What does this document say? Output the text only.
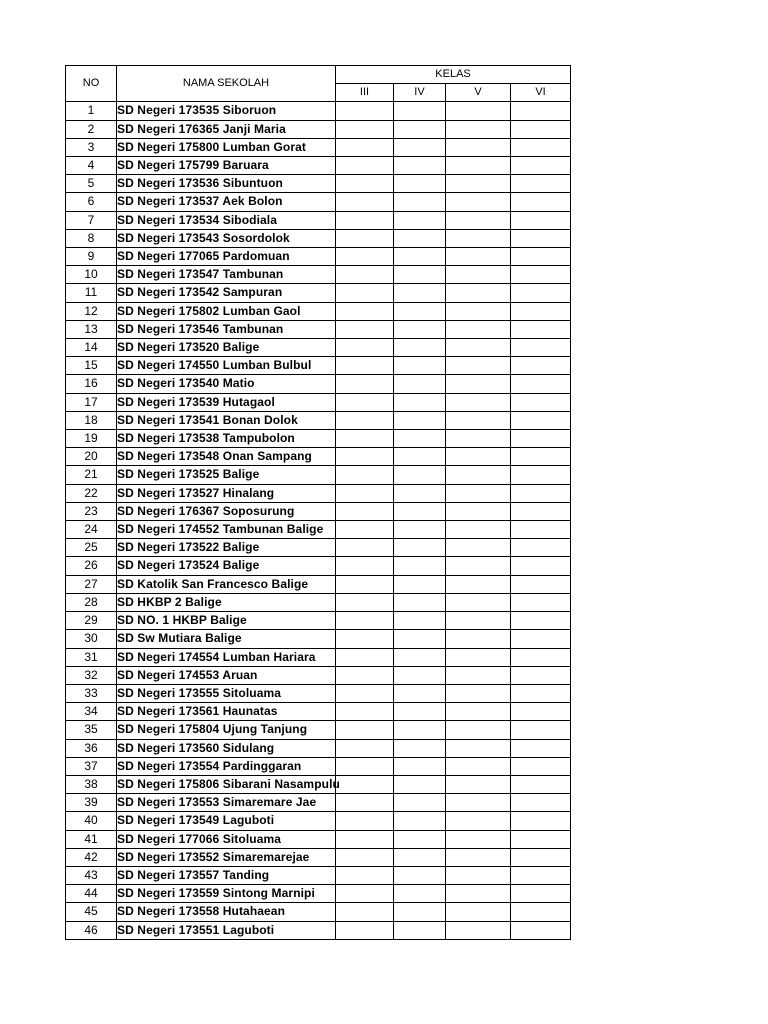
NO	NAMA SEKOLAH	KELAS			
		III	IV	V	VI
1	SD Negeri 173535 Siboruon				
2	SD Negeri 176365 Janji Maria				
3	SD Negeri 175800 Lumban Gorat				
4	SD Negeri 175799 Baruara				
5	SD Negeri 173536 Sibuntuon				
6	SD Negeri 173537 Aek Bolon				
7	SD Negeri 173534 Sibodiala				
8	SD Negeri 173543 Sosordolok				
9	SD Negeri 177065 Pardomuan				
10	SD Negeri 173547 Tambunan				
11	SD Negeri 173542 Sampuran				
12	SD Negeri 175802 Lumban Gaol				
13	SD Negeri 173546 Tambunan				
14	SD Negeri 173520 Balige				
15	SD Negeri 174550 Lumban Bulbul				
16	SD Negeri 173540 Matio				
17	SD Negeri 173539 Hutagaol				
18	SD Negeri 173541 Bonan Dolok				
19	SD Negeri 173538 Tampubolon				
20	SD Negeri 173548 Onan Sampang				
21	SD Negeri 173525 Balige				
22	SD Negeri 173527 Hinalang				
23	SD Negeri 176367 Soposurung				
24	SD Negeri 174552 Tambunan Balige				
25	SD Negeri 173522 Balige				
26	SD Negeri 173524 Balige				
27	SD Katolik San Francesco Balige				
28	SD HKBP 2 Balige				
29	SD NO. 1 HKBP Balige				
30	SD Sw Mutiara Balige				
31	SD Negeri 174554 Lumban Hariara				
32	SD Negeri 174553 Aruan				
33	SD Negeri 173555 Sitoluama				
34	SD Negeri 173561 Haunatas				
35	SD Negeri 175804 Ujung Tanjung				
36	SD Negeri 173560 Sidulang				
37	SD Negeri 173554 Pardinggaran				
38	SD Negeri 175806 Sibarani Nasampulu				
39	SD Negeri 173553 Simaremare Jae				
40	SD Negeri 173549 Laguboti				
41	SD Negeri 177066 Sitoluama				
42	SD Negeri 173552 Simaremarejae				
43	SD Negeri 173557 Tanding				
44	SD Negeri 173559 Sintong Marnipi				
45	SD Negeri 173558 Hutahaean				
46	SD Negeri 173551 Laguboti				
